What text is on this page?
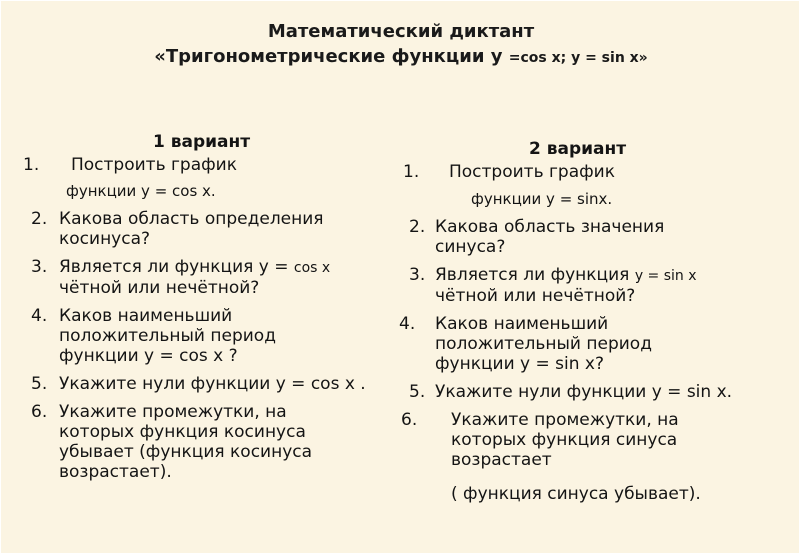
Математический диктант
«Тригонометрические функции у =cos x; y = sin x»
1 вариант
1.	Построить график
функции у = cos x.
2. Какова область определения косинуса?
3. Является ли функция у = cos x
чётной или нечётной?
4. Каков наименьший положительный период функции у = cos x ?
5. Укажите нули функции у = cos x .
6. Укажите промежутки, на которых функция косинуса убывает (функция косинуса возрастает).
2 вариант
1.	Построить график
функции у = sinx.
2. Какова область значения синуса?
3. Является ли функция y = sin x
чётной или нечётной?
4. Каков наименьший положительный период функции y = sin x?
5. Укажите нули функции y = sin x.
6. Укажите промежутки, на которых функция синуса возрастает
( функция синуса убывает).
